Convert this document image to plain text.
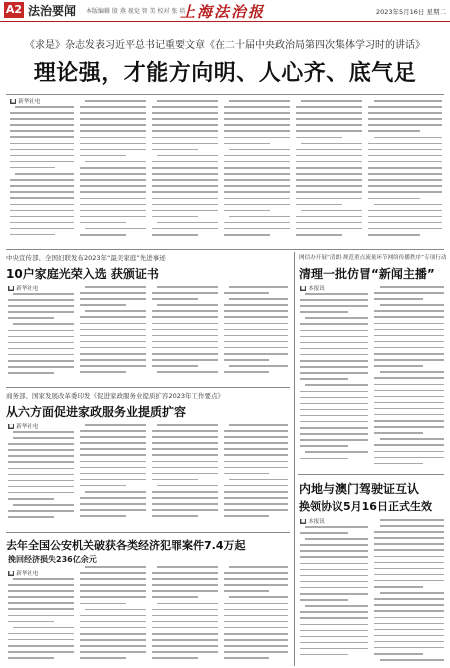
A2 法治要闻 本版编辑 殷 燕 视觉 智 美 校对 张 培
上海法治报	2023年5月16日 星期二
《求是》杂志发表习近平总书记重要文章《在二十届中央政治局第四次集体学习时的讲话》
理论强，才能方向明、人心齐、底气足
■ 新华社电
中央宣传部、全国妇联发布2023年“最美家庭”先进事迹
10户家庭光荣入选 获颁证书
■ 新华社电
商务部、国家发展改革委印发《促进家政服务业提质扩容2023年工作要点》
从六方面促进家政服务业提质扩容
■ 新华社电
去年全国公安机关破获各类经济犯罪案件7.4万起
挽回经济损失236亿余元
■ 新华社电
网信办开展“清朗·规范重点流量环节网络传播秩序”专项行动
清理一批仿冒“新闻主播”
■ 本报讯
内地与澳门驾驶证互认
换领协议5月16日正式生效
■ 本报讯
